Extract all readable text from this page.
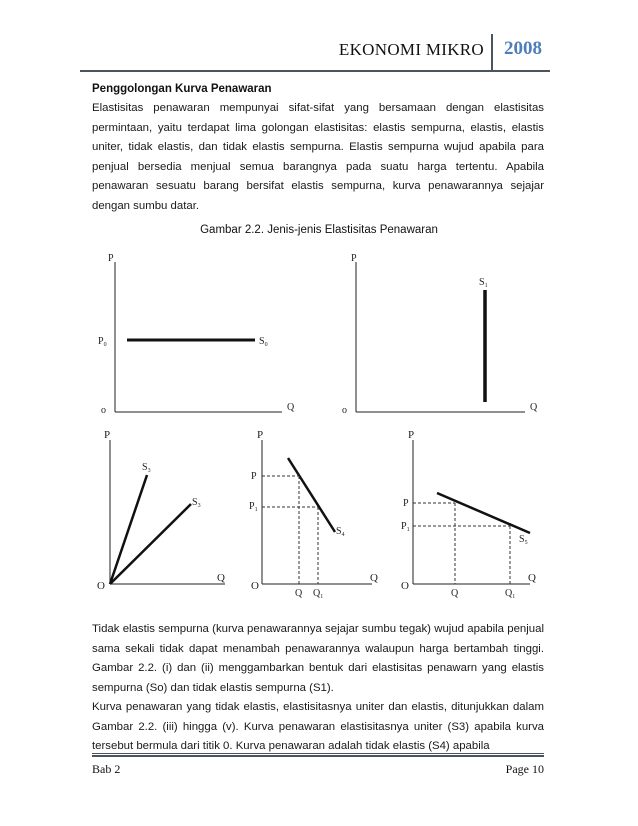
EKONOMI MIKRO 2008
Penggolongan Kurva Penawaran
Elastisitas penawaran mempunyai sifat-sifat yang bersamaan dengan elastisitas permintaan, yaitu terdapat lima golongan elastisitas: elastis sempurna, elastis, elastis uniter, tidak elastis, dan tidak elastis sempurna. Elastis sempurna wujud apabila para penjual bersedia menjual semua barangnya pada suatu harga tertentu. Apabila penawaran sesuatu barang bersifat elastis sempurna, kurva penawarannya sejajar dengan sumbu datar.
Gambar 2.2. Jenis-jenis Elastisitas Penawaran
P
Q
o
$P_0$	$S_0$
P
Q
o
$S_1$
P
Q
O
$S_3$
$S_3$
P
Q
O
$S_4$
P
$P_1$
Q $Q_1$
P
Q
O
$S_5$
P
$P_1$
Q	$Q_1$
Tidak elastis sempurna (kurva penawarannya sejajar sumbu tegak) wujud apabila penjual sama sekali tidak dapat menambah penawarannya walaupun harga bertambah tinggi. Gambar 2.2. (i) dan (ii) menggambarkan bentuk dari elastisitas penawarn yang elastis sempurna (So) dan tidak elastis sempurna (S1).
Kurva penawaran yang tidak elastis, elastisitasnya uniter dan elastis, ditunjukkan dalam Gambar 2.2. (iii) hingga (v). Kurva penawaran elastisitasnya uniter (S3) apabila kurva tersebut bermula dari titik 0. Kurva penawaran adalah tidak elastis (S4) apabila
Bab 2	Page 10
